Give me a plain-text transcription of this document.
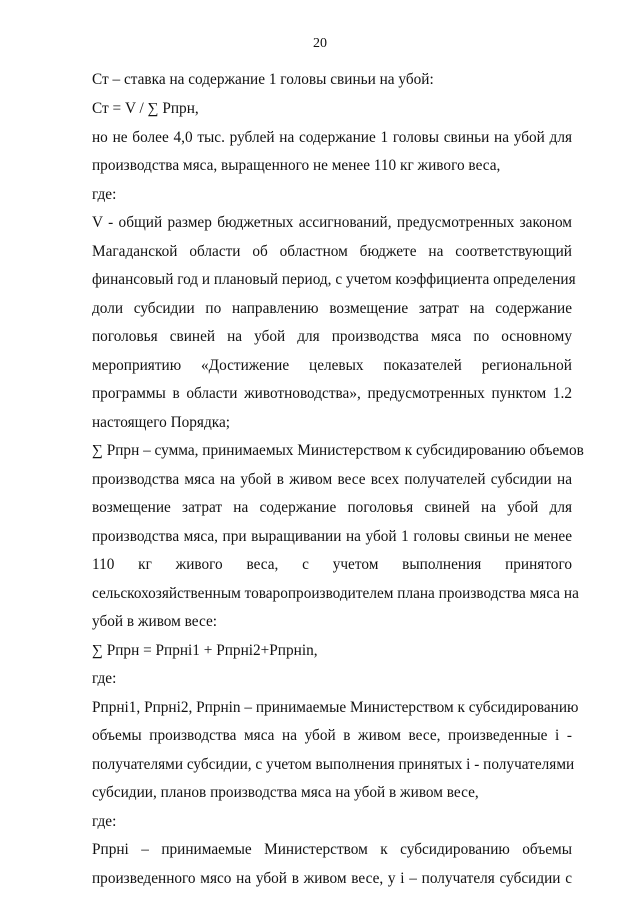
20
Ст – ставка на содержание 1 головы свиньи на убой:
Ст = V / ∑ Рпрн,
но не более 4,0 тыс. рублей на содержание 1 головы свиньи на убой для
производства мяса, выращенного не менее 110 кг живого веса,
где:
V - общий размер бюджетных ассигнований, предусмотренных законом
Магаданской области об областном бюджете на соответствующий
финансовый год и плановый период, с учетом коэффициента определения
доли субсидии по направлению возмещение затрат на содержание
поголовья свиней на убой для производства мяса по основному
мероприятию «Достижение целевых показателей региональной
программы в области животноводства», предусмотренных пунктом 1.2
настоящего Порядка;
∑ Рпрн – сумма, принимаемых Министерством к субсидированию объемов
производства мяса на убой в живом весе всех получателей субсидии на
возмещение затрат на содержание поголовья свиней на убой для
производства мяса, при выращивании на убой 1 головы свиньи не менее
110 кг живого веса, с учетом выполнения принятого
сельскохозяйственным товаропроизводителем плана производства мяса на
убой в живом весе:
∑ Рпрн = Рпрні1 + Рпрні2+Рпрніn,
где:
Рпрні1, Рпрні2, Рпрніn – принимаемые Министерством к субсидированию
объемы производства мяса на убой в живом весе, произведенные і -
получателями субсидии, с учетом выполнения принятых і - получателями
субсидии, планов производства мяса на убой в живом весе,
где:
Рпрні – принимаемые Министерством к субсидированию объемы
произведенного мясо на убой в живом весе, у і – получателя субсидии с
